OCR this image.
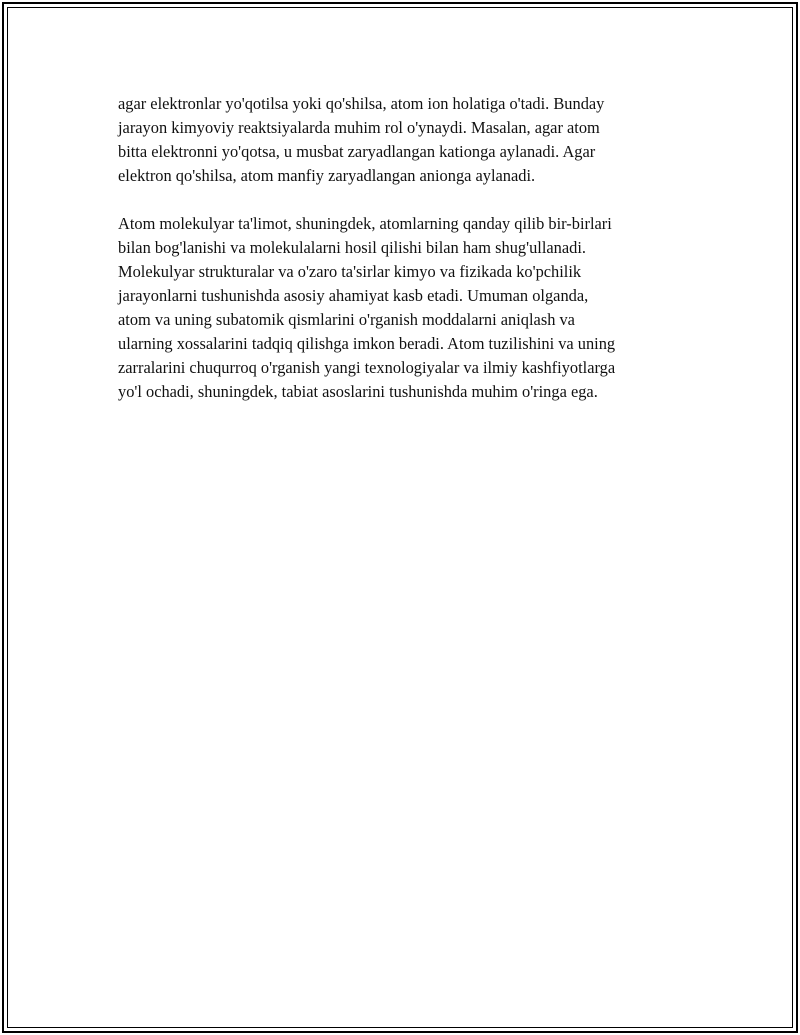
agar elektronlar yo'qotilsa yoki qo'shilsa, atom ion holatiga o'tadi. Bunday
jarayon kimyoviy reaktsiyalarda muhim rol o'ynaydi. Masalan, agar atom
bitta elektronni yo'qotsa, u musbat zaryadlangan kationga aylanadi. Agar
elektron qo'shilsa, atom manfiy zaryadlangan anionga aylanadi.

Atom molekulyar ta'limot, shuningdek, atomlarning qanday qilib bir-birlari
bilan bog'lanishi va molekulalarni hosil qilishi bilan ham shug'ullanadi.
Molekulyar strukturalar va o'zaro ta'sirlar kimyo va fizikada ko'pchilik
jarayonlarni tushunishda asosiy ahamiyat kasb etadi. Umuman olganda,
atom va uning subatomik qismlarini o'rganish moddalarni aniqlash va
ularning xossalarini tadqiq qilishga imkon beradi. Atom tuzilishini va uning
zarralarini chuqurroq o'rganish yangi texnologiyalar va ilmiy kashfiyotlarga
yo'l ochadi, shuningdek, tabiat asoslarini tushunishda muhim o'ringa ega.
